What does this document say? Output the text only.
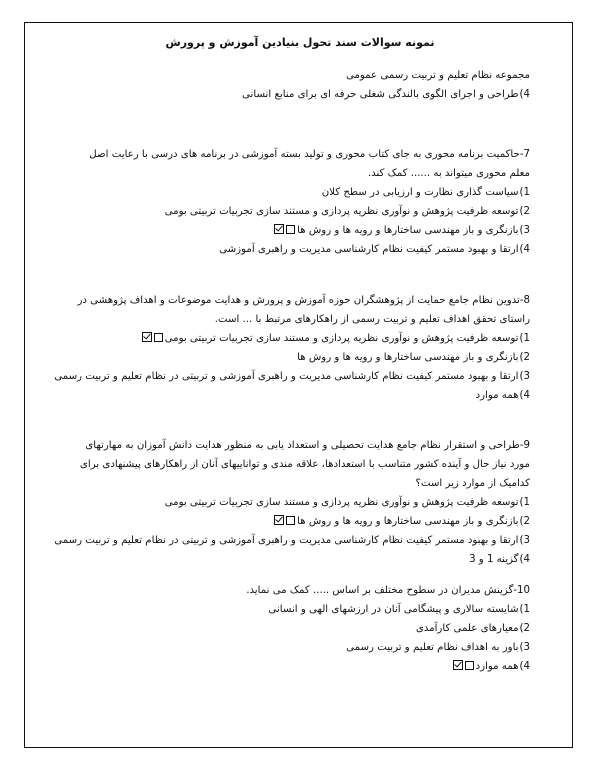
نمونه سوالات سند تحول بنیادین آموزش و پرورش
مجموعه نظام تعلیم و تربیت رسمی عمومی
4)طراحی و اجرای الگوی بالندگی شغلی حرفه ای برای منابع انسانی
7-حاکمیت برنامه محوری به جای کتاب محوری و تولید بسته آموزشی در برنامه های درسی با رعایت اصل معلم محوری میتواند به ...... کمک کند.
1)سیاست گذاری نظارت و ارزیابی در سطح کلان
2)توسعه ظرفیت پژوهش و نوآوری نظریه پردازی و مستند سازی تجربیات تربیتی بومی
3)بازنگری و باز مهندسی ساختارها و رویه ها و روش ها
4)ارتقا و بهبود مستمر کیفیت نظام کارشناسی مدیریت و راهبری آموزشی
8-تدوین نظام جامع حمایت از پژوهشگران حوزه آموزش و پرورش و هدایت موضوعات و اهداف پژوهشی در راستای تحقق اهداف تعلیم و تربیت رسمی از راهکارهای مرتبط با ... است.
1)توسعه ظرفیت پژوهش و نوآوری نظریه پردازی و مستند سازی تجربیات تربیتی بومی
2)بازنگری و باز مهندسی ساختارها و رویه ها و روش ها
3)ارتقا و بهبود مستمر کیفیت نظام کارشناسی مدیریت و راهبری آموزشی و تربیتی در نظام تعلیم و تربیت رسمی
4)همه موارد
9-طراحی و استقرار نظام جامع هدایت تحصیلی و استعداد یابی به منظور هدایت دانش آموزان به مهارتهای مورد نیاز حال و آینده کشور متناسب با استعدادها، علاقه مندی و تواناییهای آنان از راهکارهای پیشنهادی برای کدامیک از موارد زیر است؟
1)توسعه ظرفیت پژوهش و نوآوری نظریه پردازی و مستند سازی تجربیات تربیتی بومی
2)بازنگری و باز مهندسی ساختارها و رویه ها و روش ها
3)ارتقا و بهبود مستمر کیفیت نظام کارشناسی مدیریت و راهبری آموزشی و تربیتی در نظام تعلیم و تربیت رسمی
4)گزینه 1 و 3
10-گزینش مدیران در سطوح مختلف بر اساس ..... کمک می نماید.
1)شایسته سالاری و پیشگامی آنان در ارزشهای الهی و انسانی
2)معیارهای علمی کارآمدی
3)باور به اهداف نظام تعلیم و تربیت رسمی
4)همه موارد
